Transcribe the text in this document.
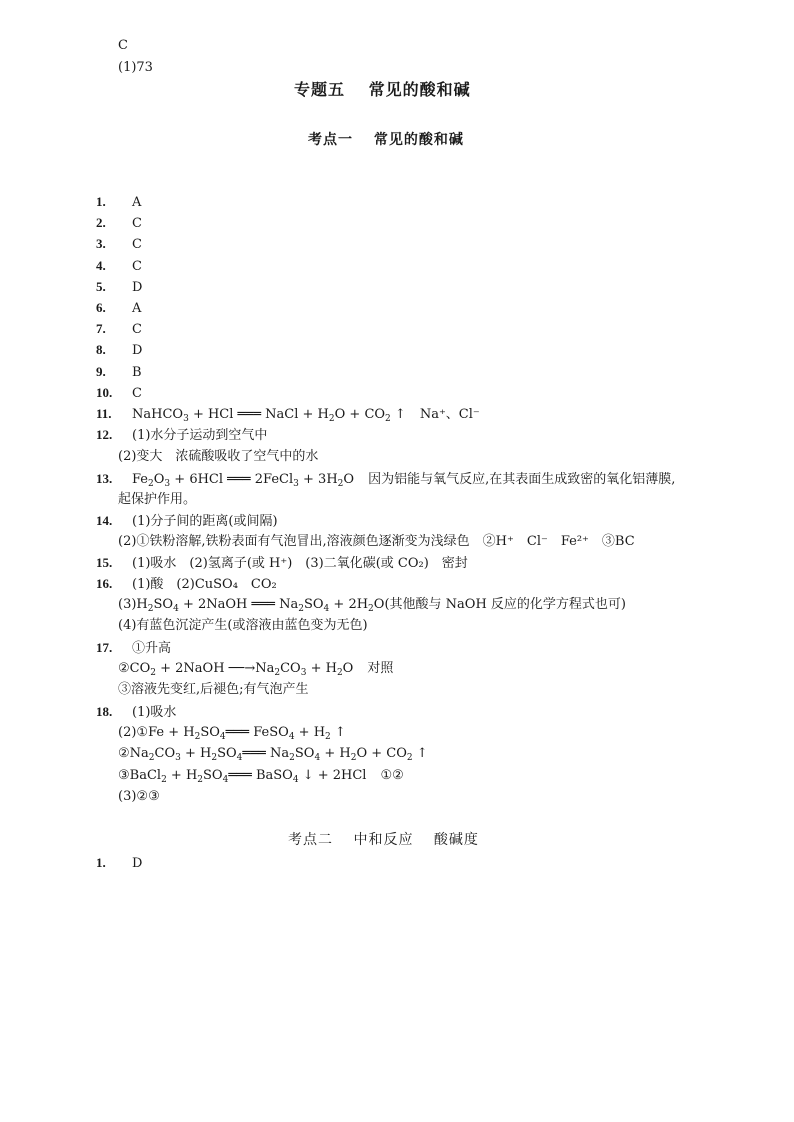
C
(1)73
专题五　 常见的酸和碱
考点一　 常见的酸和碱
1. A
2. C
3. C
4. C
5. D
6. A
7. C
8. D
9. B
10. C
11. NaHCO$_3$ + HCl ═══ NaCl + $H_2O + CO_2$ ↑ Na⁺、Cl⁻
12. (1)水分子运动到空气中
(2)变大　浓硫酸吸收了空气中的水
13. $Fe_2O_3 + 6HCl$ ═══ 2FeCl$_3$ + $3H_2O$ 因为铝能与氧气反应,在其表面生成致密的氧化铝薄膜,
起保护作用。
14. (1)分子间的距离(或间隔)
(2)①铁粉溶解,铁粉表面有气泡冒出,溶液颜色逐渐变为浅绿色　②H⁺　Cl⁻　Fe²⁺　③BC
15. (1)吸水　(2)氢离子(或 H⁺)　(3)二氧化碳(或 CO₂)　密封
16. (1)酸　(2)CuSO₄　CO₂
$(3)H_2SO_4$ + 2NaOH ═══ $Na_2SO_4 + 2H_2O$(其他酸与 NaOH 反应的化学方程式也可)
(4)有蓝色沉淀产生(或溶液由蓝色变为无色)
17. ①升高
$②CO_2$ + 2NaOH $──\to Na_2CO_3 + H_2O$ 对照
③溶液先变红,后褪色;有气泡产生
18. (1)吸水
(2)①Fe + $H_2SO_4═══$ FeSO$_4$ + $H_2$ ↑
$②Na_2CO_3$ + $H_2SO_4═══$ $Na_2SO_4 + H_2O + CO_2$ ↑
③BaCl$_2$ + $H_2SO_4═══$ BaSO$_4$ ↓ + 2HCl ①②
(3)②③
考点二　 中和反应　 酸碱度
1. D
